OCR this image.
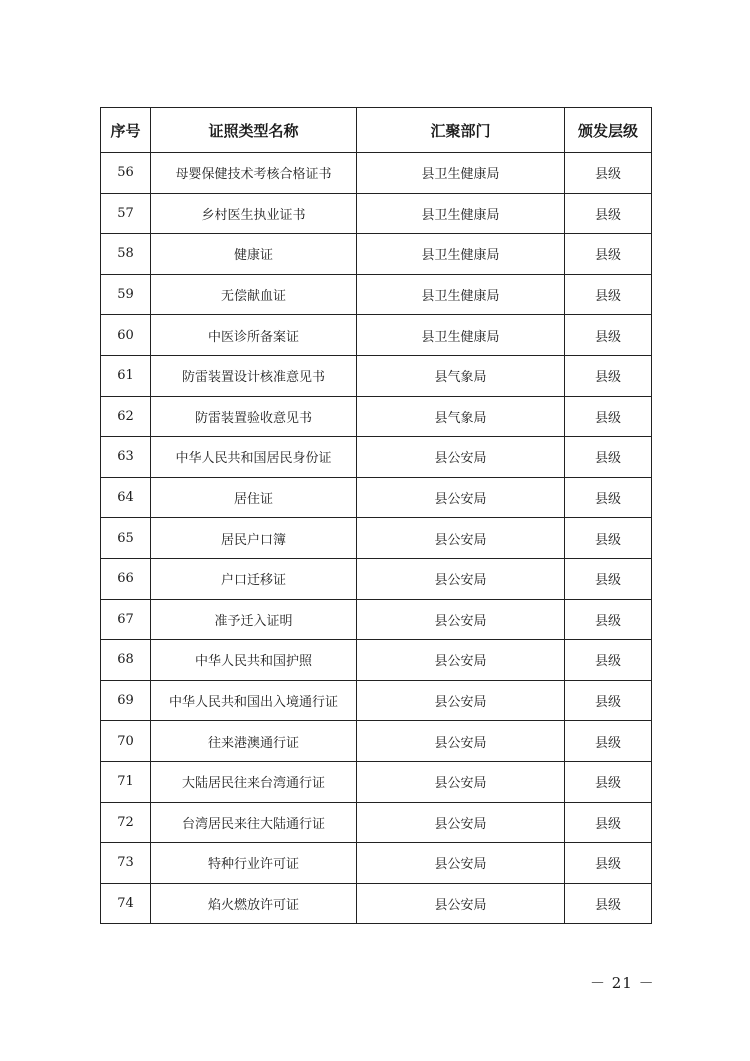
序号	证照类型名称	汇聚部门	颁发层级
56	母婴保健技术考核合格证书	县卫生健康局	县级
57	乡村医生执业证书	县卫生健康局	县级
58	健康证	县卫生健康局	县级
59	无偿献血证	县卫生健康局	县级
60	中医诊所备案证	县卫生健康局	县级
61	防雷装置设计核准意见书	县气象局	县级
62	防雷装置验收意见书	县气象局	县级
63	中华人民共和国居民身份证	县公安局	县级
64	居住证	县公安局	县级
65	居民户口簿	县公安局	县级
66	户口迁移证	县公安局	县级
67	准予迁入证明	县公安局	县级
68	中华人民共和国护照	县公安局	县级
69	中华人民共和国出入境通行证	县公安局	县级
70	往来港澳通行证	县公安局	县级
71	大陆居民往来台湾通行证	县公安局	县级
72	台湾居民来往大陆通行证	县公安局	县级
73	特种行业许可证	县公安局	县级
74	焰火燃放许可证	县公安局	县级
－ 21 －
